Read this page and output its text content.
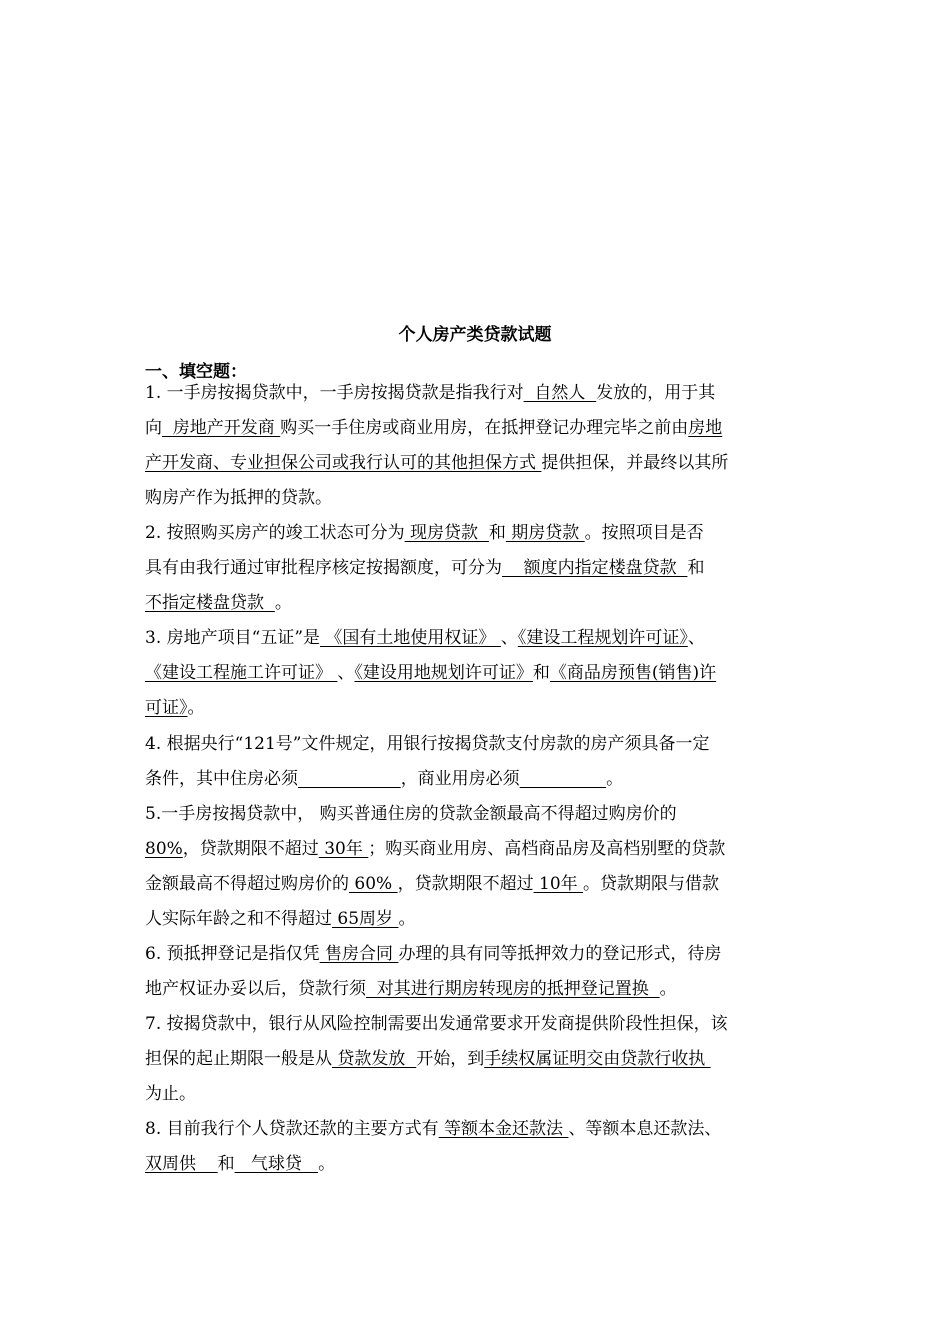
个人房产类贷款试题
一、填空题：
1. 一手房按揭贷款中，一手房按揭贷款是指我行对  自然人  发放的，用于其
向  房地产开发商 购买一手住房或商业用房，在抵押登记办理完毕之前由房地
产开发商、专业担保公司或我行认可的其他担保方式 提供担保，并最终以其所
购房产作为抵押的贷款。
2. 按照购买房产的竣工状态可分为 现房贷款  和 期房贷款 。按照项目是否
具有由我行通过审批程序核定按揭额度，可分为    额度内指定楼盘贷款  和
不指定楼盘贷款  。
3. 房地产项目“五证”是 《国有土地使用权证》 、《建设工程规划许可证》、
《建设工程施工许可证》 、《建设用地规划许可证》和《商品房预售(销售)许
可证》。
4. 根据央行“121号”文件规定，用银行按揭贷款支付房款的房产须具备一定
条件，其中住房必须	，商业用房必须	。
5.一手房按揭贷款中， 购买普通住房的贷款金额最高不得超过购房价的
80%，贷款期限不超过 30年 ；购买商业用房、高档商品房及高档别墅的贷款
金额最高不得超过购房价的 60% ，贷款期限不超过 10年 。贷款期限与借款
人实际年龄之和不得超过 65周岁 。
6. 预抵押登记是指仅凭 售房合同 办理的具有同等抵押效力的登记形式，待房
地产权证办妥以后，贷款行须  对其进行期房转现房的抵押登记置换  。
7. 按揭贷款中，银行从风险控制需要出发通常要求开发商提供阶段性担保，该
担保的起止期限一般是从 贷款发放  开始，到手续权属证明交由贷款行收执
为止。
8. 目前我行个人贷款还款的主要方式有 等额本金还款法 、等额本息还款法、
双周供    和   气球贷   。
